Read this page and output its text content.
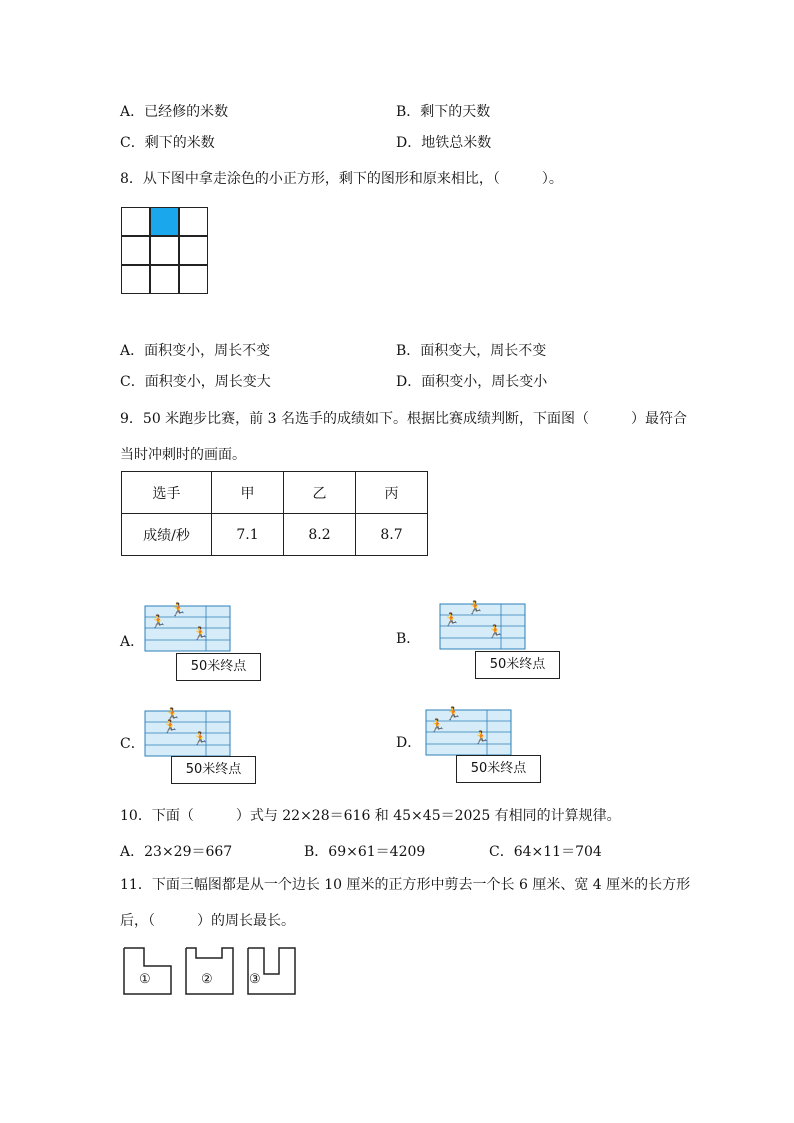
A．已经修的米数	B．剩下的天数
C．剩下的米数	D．地铁总米数
8．从下图中拿走涂色的小正方形，剩下的图形和原来相比，（　　　）。
A．面积变小，周长不变	B．面积变大，周长不变
C．面积变小，周长变大	D．面积变小，周长变小
9．50 米跑步比赛，前 3 名选手的成绩如下。根据比赛成绩判断，下面图（　　　）最符合
当时冲刺时的画面。
选手	甲	乙	丙
成绩/秒	7.1	8.2	8.7
A．
🏃
🏃
🏃
50米终点
B．
🏃
🏃
🏃
50米终点
C．
🏃
🏃
🏃
50米终点
D．
🏃
🏃
🏃
50米终点
10．下面（　　　）式与 22×28＝616 和 45×45＝2025 有相同的计算规律。
A．23×29＝667	B．69×61＝4209	C．64×11＝704
11．下面三幅图都是从一个边长 10 厘米的正方形中剪去一个长 6 厘米、宽 4 厘米的长方形
后，（　　　）的周长最长。
①	②	③
